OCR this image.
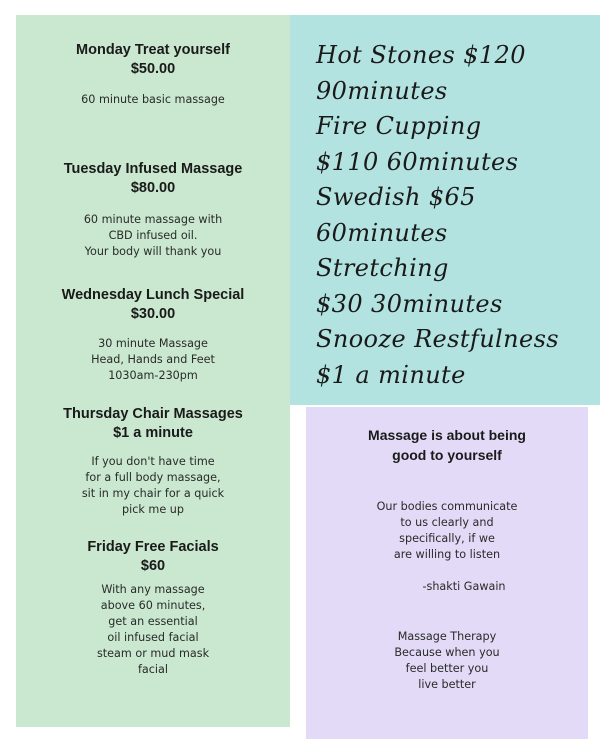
Monday Treat yourself

$50.00

60 minute basic massage

Tuesday Infused Massage

$80.00

60 minute massage with
CBD infused oil.
Your body will thank you

Wednesday Lunch Special

$30.00

30 minute Massage
Head, Hands and Feet
1030am-230pm

Thursday Chair Massages

$1 a minute

If you don't have time
for a full body massage,
sit in my chair for a quick
pick me up

Friday Free Facials

$60

With any massage
above 60 minutes,
get an essential
oil infused facial
steam or mud mask
facial

Hot Stones $120
90minutes
Fire Cupping
$110 60minutes
Swedish $65
60minutes
Stretching
$30 30minutes
Snooze Restfulness
$1 a minute
Massage is about being
good to yourself
Our bodies communicate
to us clearly and
specifically, if we
are willing to listen
-shakti Gawain
Massage Therapy
Because when you
feel better you
live better
